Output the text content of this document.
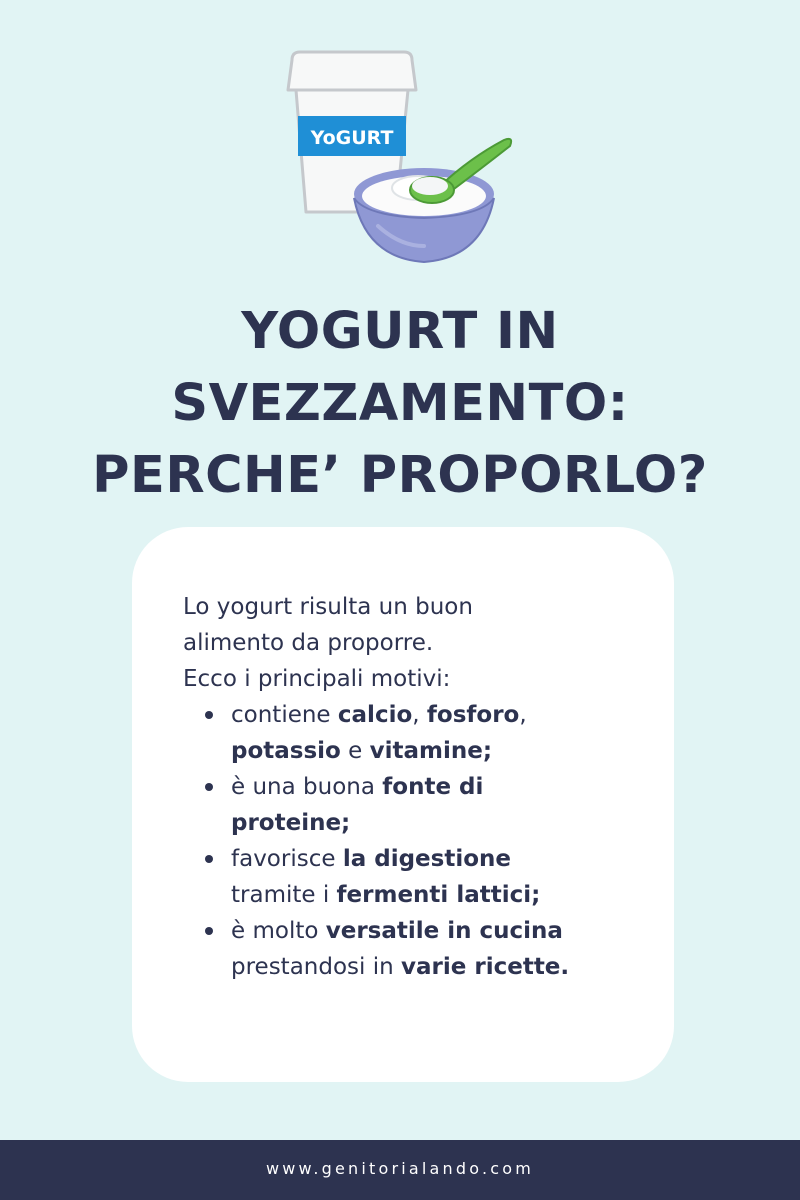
YoGURT
YOGURT IN
SVEZZAMENTO:
PERCHE’ PROPORLO?
Lo yogurt risulta un buon
alimento da proporre.
Ecco i principali motivi:
contiene calcio, fosforo,
potassio e vitamine;
è una buona fonte di
proteine;
favorisce la digestione
tramite i fermenti lattici;
è molto versatile in cucina
prestandosi in varie ricette.
www.genitorialando.com
